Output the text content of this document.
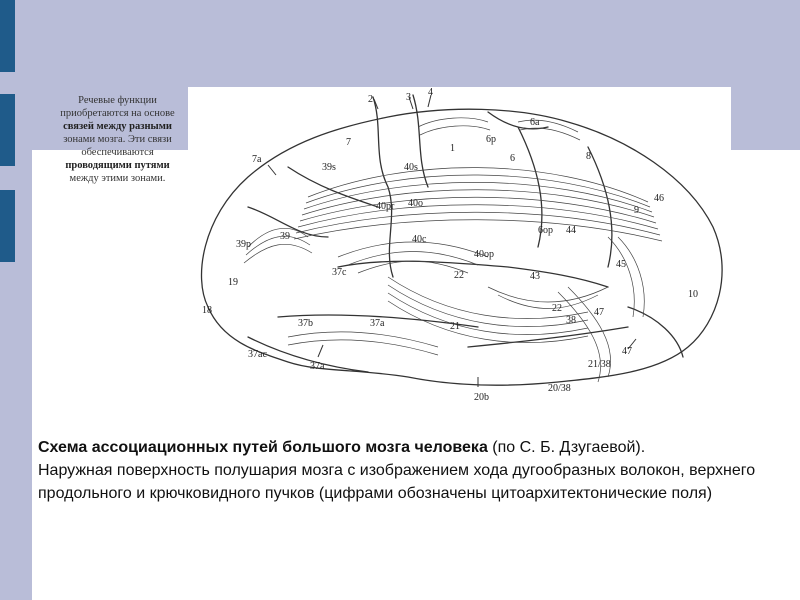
Речевые функции приобретаются на основе
связей между разными
зонами мозга. Эти связи обеспечиваются
проводящими путями
между этими зонами.
2	3 4
1
6р
6а
6	8
7
7а
39s	40s
9
46
40рr 40о
6ор 44
39р
39	40с
40ор
45
19
37с	22	43
10
18
37b	37a	21
22
38
47
37ас
37а	21/38
47
20/38
20b
Схема ассоциационных путей большого мозга человека (по С. Б. Дзугаевой).
Наружная поверхность полушария мозга с изображением хода дугообразных волокон, верхнего продольного и крючковидного пучков (цифрами обозначены цитоархитектонические поля)
